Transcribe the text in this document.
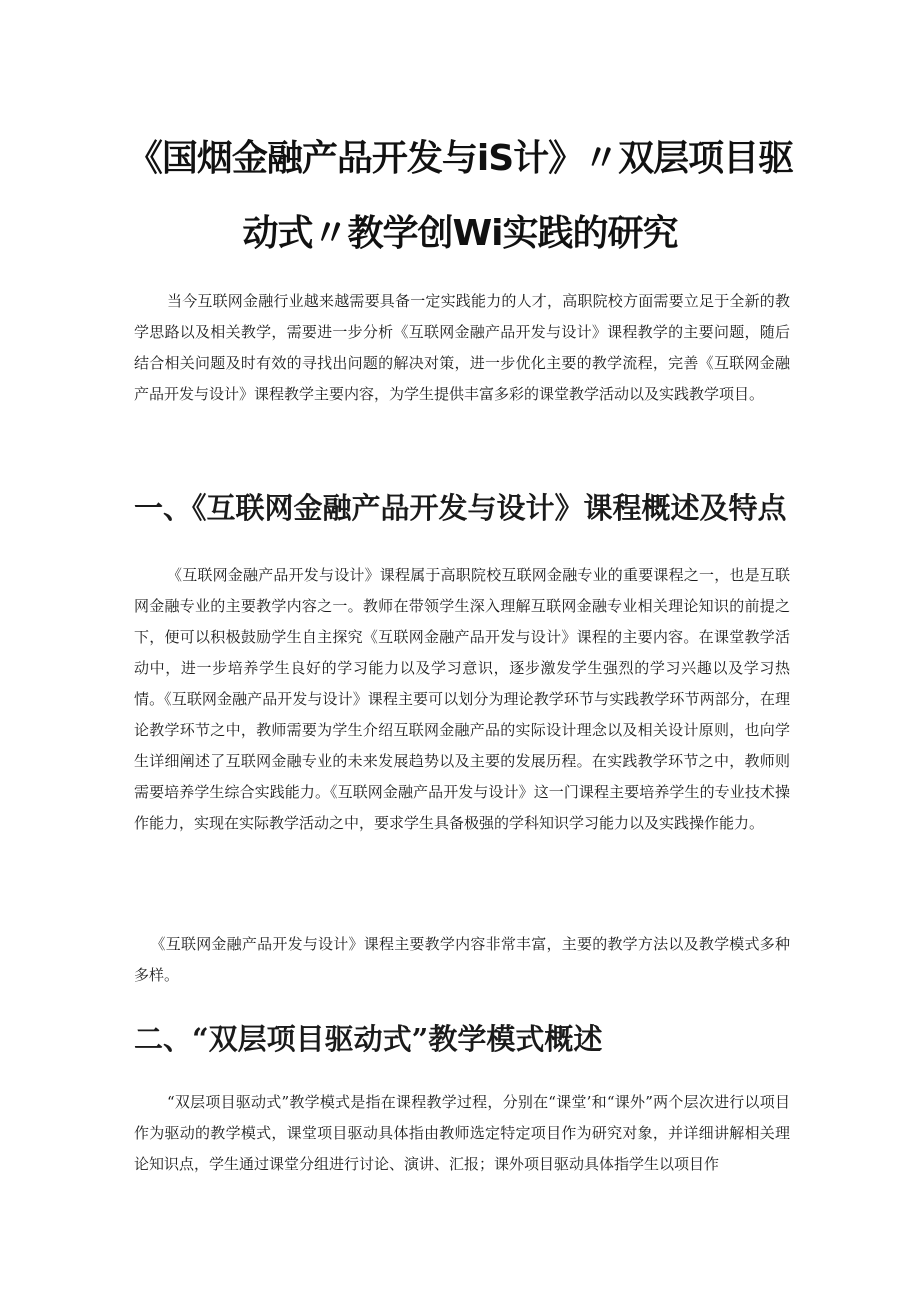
《国烟金融产品开发与iS计》〃双层项目驱
动式〃教学创Wi实践的研究

当今互联网金融行业越来越需要具备一定实践能力的人才，高职院校方面需要立足于全新的教学思路以及相关教学，需要进一步分析《互联网金融产品开发与设计》课程教学的主要问题，随后结合相关问题及时有效的寻找出问题的解决对策，进一步优化主要的教学流程，完善《互联网金融产品开发与设计》课程教学主要内容，为学生提供丰富多彩的课堂教学活动以及实践教学项目。

一、《互联网金融产品开发与设计》课程概述及特点

《互联网金融产品开发与设计》课程属于高职院校互联网金融专业的重要课程之一，也是互联网金融专业的主要教学内容之一。教师在带领学生深入理解互联网金融专业相关理论知识的前提之下，便可以积极鼓励学生自主探究《互联网金融产品开发与设计》课程的主要内容。在课堂教学活动中，进一步培养学生良好的学习能力以及学习意识，逐步激发学生强烈的学习兴趣以及学习热情。《互联网金融产品开发与设计》课程主要可以划分为理论教学环节与实践教学环节两部分，在理论教学环节之中，教师需要为学生介绍互联网金融产品的实际设计理念以及相关设计原则，也向学生详细阐述了互联网金融专业的未来发展趋势以及主要的发展历程。在实践教学环节之中，教师则需要培养学生综合实践能力。《互联网金融产品开发与设计》这一门课程主要培养学生的专业技术操作能力，实现在实际教学活动之中，要求学生具备极强的学科知识学习能力以及实践操作能力。

《互联网金融产品开发与设计》课程主要教学内容非常丰富，主要的教学方法以及教学模式多种多样。

二、“双层项目驱动式”教学模式概述

“双层项目驱动式”教学模式是指在课程教学过程，分别在“课堂’和“课外”两个层次进行以项目作为驱动的教学模式，课堂项目驱动具体指由教师选定特定项目作为研究对象，并详细讲解相关理论知识点，学生通过课堂分组进行讨论、演讲、汇报；课外项目驱动具体指学生以项目作
